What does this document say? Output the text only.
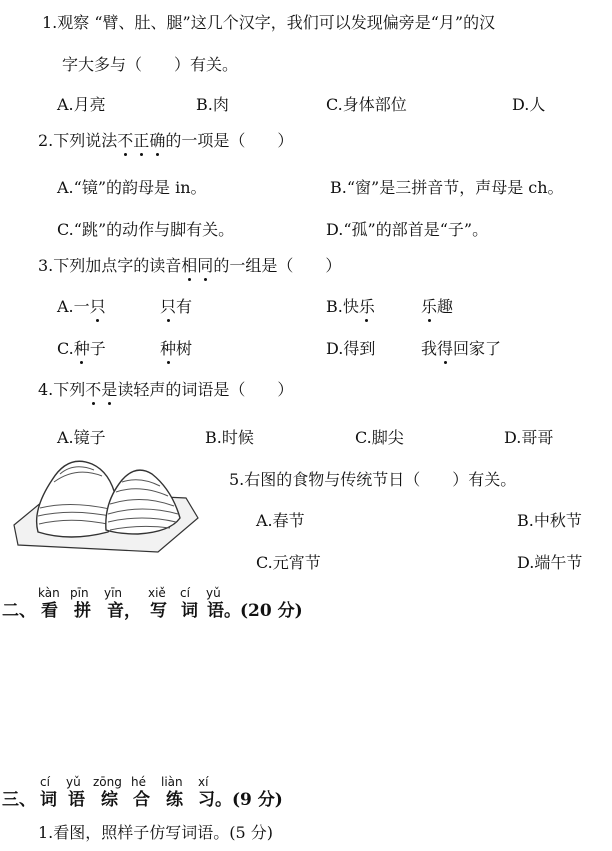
1.观察 “臂、肚、腿”这几个汉字，我们可以发现偏旁是“月”的汉
字大多与（　　）有关。
A.月亮	B.肉	C.身体部位	D.人
2.下列说法不正确的一项是（　　）
A.“镜”的韵母是 in。	B.“窗”是三拼音节，声母是 ch。
C.“跳”的动作与脚有关。	D.“孤”的部首是“子”。
3.下列加点字的读音相同的一组是（　　）
A.一只	只有	B.快乐	乐趣
C.种子	种树	D.得到	我得回家了
4.下列不是读轻声的词语是（　　）
A.镜子	B.时候	C.脚尖	D.哥哥
5.右图的食物与传统节日（　　）有关。
A.春节	B.中秋节
C.元宵节	D.端午节
kàn pīn yīn xiě cí yǔ
二、 看 拼 音 ， 写 词 语 。 (20 分)
cí yǔ zōng hé liàn xí
三、 词 语 综 合 练 习 。 (9 分)
1.看图，照样子仿写词语。(5 分)
